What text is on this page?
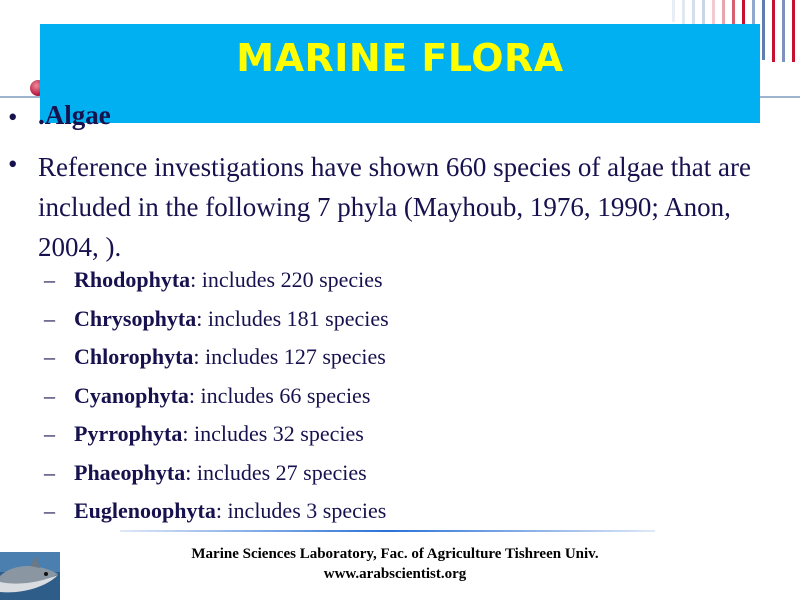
MARINE FLORA
• .Algae
• Reference investigations have shown 660 species of algae that are included in the following 7 phyla (Mayhoub, 1976, 1990; Anon, 2004, ).
– Rhodophyta: includes 220 species
– Chrysophyta: includes 181 species
– Chlorophyta: includes 127 species
– Cyanophyta: includes 66 species
– Pyrrophyta: includes 32 species
– Phaeophyta: includes 27 species
– Euglenoophyta: includes 3 species
Marine Sciences Laboratory, Fac. of Agriculture Tishreen Univ.
www.arabscientist.org
